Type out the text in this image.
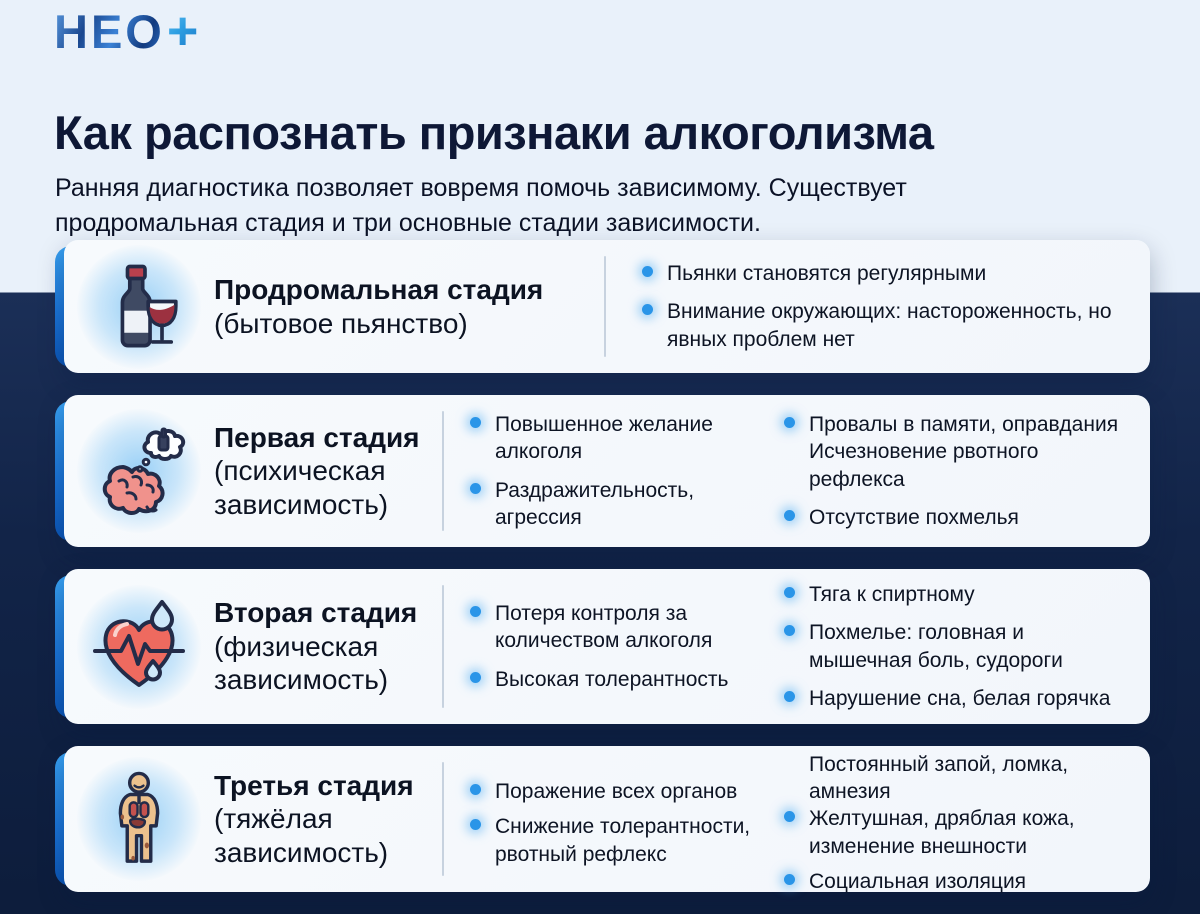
НЕО +
Как распознать признаки алкоголизма

Ранняя диагностика позволяет вовремя помочь зависимому. Существует продромальная стадия и три основные стадии зависимости.

Продромальная стадия

(бытовое пьянство)

Пьянки становятся регулярными
Внимание окружающих: настороженность, но явных проблем нет

Первая стадия

(психическая зависимость)

Повышенное желание алкоголя
Раздражительность, агрессия
Провалы в памяти, оправдания
Исчезновение рвотного рефлекса
Отсутствие похмелья

Вторая стадия

(физическая зависимость)

Потеря контроля за количеством алкоголя
Высокая толерантность
Тяга к спиртному
Похмелье: головная и мышечная боль, судороги
Нарушение сна, белая горячка

Третья стадия

(тяжёлая зависимость)

Поражение всех органов
Снижение толерантности, рвотный рефлекс
Постоянный запой, ломка, амнезия
Желтушная, дряблая кожа, изменение внешности
Социальная изоляция
